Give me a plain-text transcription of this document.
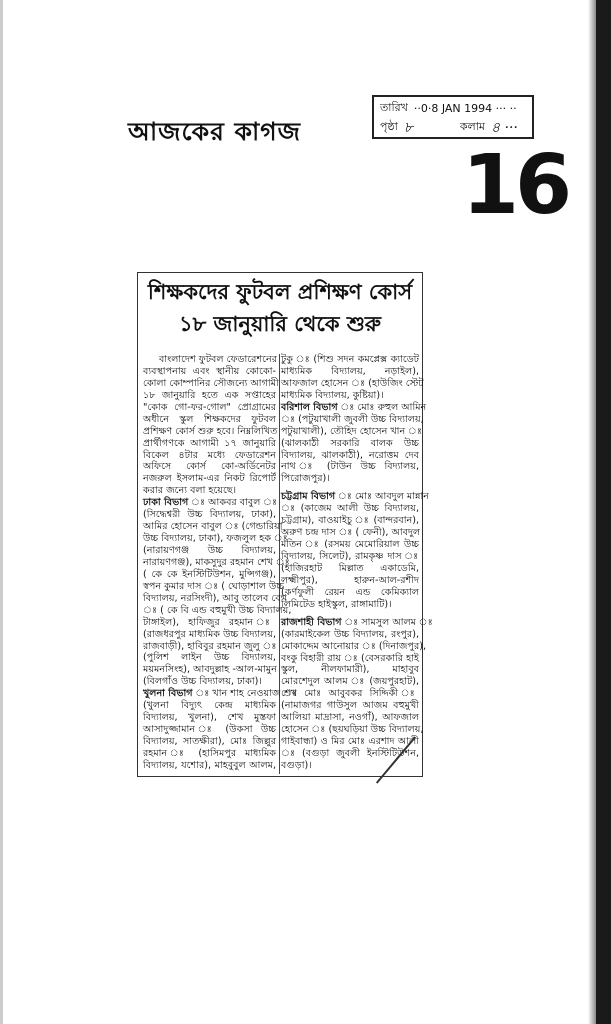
আজকের কাগজ
তারিখ ··0·8 JAN 1994 ··· ··
পৃষ্ঠা ৮	কলাম ৪ ···
16
শিক্ষকদের ফুটবল প্রশিক্ষণ কোর্স
১৮ জানুয়ারি থেকে শুরু
বাংলাদেশ ফুটবল ফেডারেশনের
ব্যবস্থাপনায় এবং স্থানীয় কোকো-
কোলা কোম্পানির সৌজন্যে আগামী
১৮ জানুয়ারি হতে এক সপ্তাহের
"কোক গো-ফর-গোল" প্রোগ্রামের
অধীনে স্কুল শিক্ষকদের ফুটবল
প্রশিক্ষণ কোর্স শুরু হবে। নিম্নলিখিত
প্রার্থীগণকে আগামী ১৭ জানুয়ারি
বিকেল ৪টার মধ্যে ফেডারেশন
অফিসে কোর্স কো-অর্ডিনেটর
নজরুল ইসলাম-এর নিকট রিপোর্ট
করার জন্যে বলা হয়েছে।
ঢাকা বিভাগ ঃ আকবর বাবুল ঃ
(সিদ্ধেশ্বরী উচ্চ বিদ্যালয়, ঢাকা),
আমির হোসেন বাবুল ঃ (গেন্ডারিয়া
উচ্চ বিদ্যালয়, ঢাকা), ফজলুল হক ঃ
(নারায়ণগঞ্জ উচ্চ বিদ্যালয়,
নারায়ণগঞ্জ), মাকসুদুর রহমান শেখ ঃ
( কে কে ইনস্টিটিউশন, মুন্সিগঞ্জ),
স্বপন কুমার দাস ঃ ( ঘোড়াশাল উচ্চ
বিদ্যালয়, নরসিংদী), আবু তালেব বেগ
ঃ ( কে বি এন্ড বহুমুখী উচ্চ বিদ্যালয়,
টাঙ্গাইল), হাফিজুর রহমান ঃ
(রাজধরপুর মাধ্যমিক উচ্চ বিদ্যালয়,
রাজবাড়ী), হাবিবুর রহমান জুলু ঃ
(পুলিশ লাইন উচ্চ বিদ্যালয়,
ময়মনসিংহ), আবদুল্লাহ -আল-মামুন
(বিলগাঁও উচ্চ বিদ্যালয়, ঢাকা)।
খুলনা বিভাগ ঃ খান শাহ নেওয়াজ ঃ
(খুলনা বিদ্যুৎ কেন্দ্র মাধ্যমিক
বিদ্যালয়, খুলনা), শেখ মুস্তফা
আসাদুজ্জামান ঃ (উকসা উচ্চ
বিদ্যালয়, সাতক্ষীরা), মোঃ জিল্লুর
রহমান ঃ (হাসিমপুর মাধ্যমিক
বিদ্যালয়, যশোর), মাহবুবুল আলম,
টুকু ঃ (শিশু সদন কমপ্লেক্স ক্যাডেট
মাধ্যমিক বিদ্যালয়, নড়াইল),
আফজাল হোসেন ঃ (হাউজিং স্টেট
মাধ্যমিক বিদ্যালয়, কুষ্টিয়া)।
বরিশাল বিভাগ ঃ মোঃ রুহুল আমিন
ঃ (পটুয়াখালী জুবলী উচ্চ বিদ্যালয়,
পটুয়াখালী), তৌহিদ হোসেন খান ঃ
(ঝালকাঠী সরকারি বালক উচ্চ
বিদ্যালয়, ঝালকাঠী), নরোত্তম দেব
নাথ ঃ (টাউন উচ্চ বিদ্যালয়,
পিরোজপুর)।
চট্টগ্রাম বিভাগ ঃ মোঃ আবদুল মান্নান
ঃ (কাজেম আলী উচ্চ বিদ্যালয়,
চট্টগ্রাম), বাওয়াইচু ঃ (বান্দরবান),
অরুণ চন্দ্র দাস ঃ ( ফেনী), আবদুল
মতিন ঃ (রসময় মেমোরিয়াল উচ্চ
বিদ্যালয়, সিলেট), রামকৃষ্ণ দাস ঃ
(হাজিরহাট মিল্লাত একাডেমি,
লক্ষ্মীপুর), হারুন-আল-রশীদ
(কর্ণফুলী রেয়ন এন্ড কেমিক্যাল
লিমিটেড হাইস্কুল, রাঙ্গামাটি)।
রাজশাহী বিভাগ ঃ সামসুল আলম ঃ
(কারমাইকেল উচ্চ বিদ্যালয়, রংপুর),
মোকাদ্দেম আনোয়ার ঃ (দিনাজপুর),
বংকু বিহারী রায় ঃ (বেসরকারি হাই
স্কুল, নীলফামারী), মাহাবুব
মোরশেদুল আলম ঃ (জয়পুরহাট),
শেখ মোঃ আবুবকর সিদ্দিকী ঃ
(নামাজগর গাউসুল আজম বহুমুখী
আলিয়া মাদ্রাসা, নওগাঁ), আফজাল
হোসেন ঃ (ছয়ঘড়িয়া উচ্চ বিদ্যালয়,
গাইবান্ধা) ও মির মোঃ এরশাদ আলী
ঃ (বগুড়া জুবলী ইনস্টিটিউশন,
বগুড়া)।
